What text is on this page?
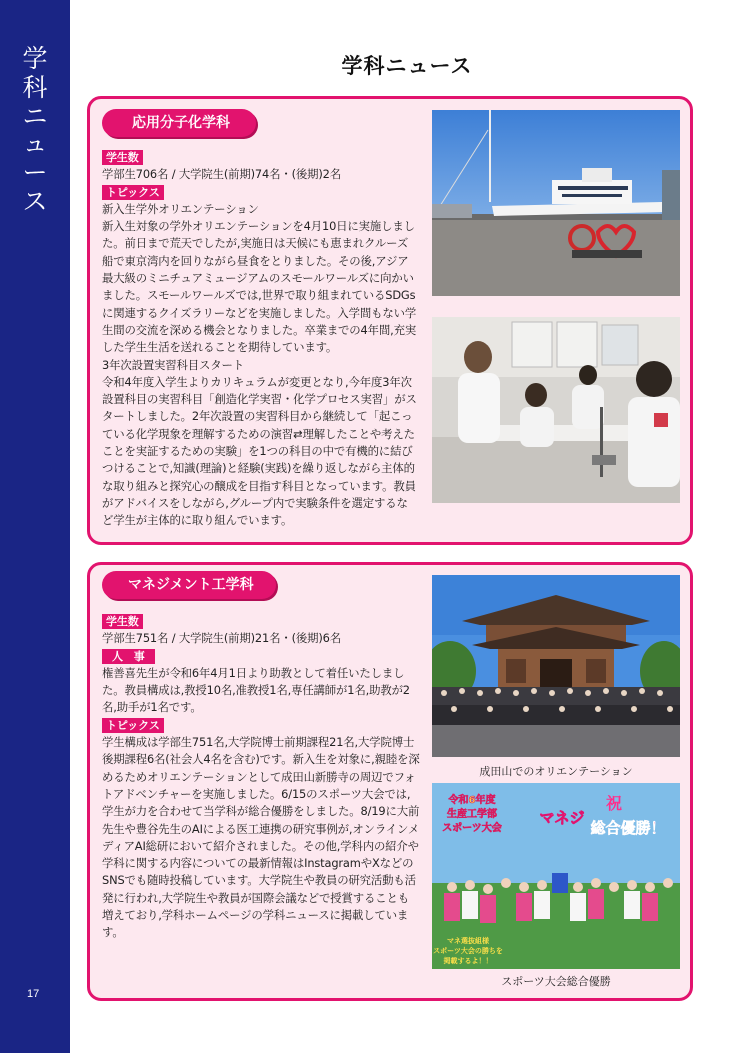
学
科
ニ
ュ
ー
ス
17
学科ニュース
応用分子化学科
学生数
学部生706名 / 大学院生(前期)74名・(後期)2名
トピックス
新入生学外オリエンテーション
新入生対象の学外オリエンテーションを4月10日に実施しました。前日まで荒天でしたが,実施日は天候にも恵まれクルーズ船で東京湾内を回りながら昼食をとりました。その後,アジア最大級のミニチュアミュージアムのスモールワールズに向かいました。スモールワールズでは,世界で取り組まれているSDGsに関連するクイズラリーなどを実施しました。入学間もない学生間の交流を深める機会となりました。卒業までの4年間,充実した学生生活を送れることを期待しています。
3年次設置実習科目スタート
令和4年度入学生よりカリキュラムが変更となり,今年度3年次設置科目の実習科目「創造化学実習・化学プロセス実習」がスタートしました。2年次設置の実習科目から継続して「起こっている化学現象を理解するための演習⇄理解したことや考えたことを実証するための実験」を1つの科目の中で有機的に結びつけることで,知識(理論)と経験(実践)を繰り返しながら主体的な取り組みと探究心の醸成を目指す科目となっています。教員がアドバイスをしながら,グループ内で実験条件を選定するなど学生が主体的に取り組んでいます。
マネジメント工学科
学生数
学部生751名 / 大学院生(前期)21名・(後期)6名
人　事
権善喜先生が令和6年4月1日より助教として着任いたしました。教員構成は,教授10名,准教授1名,専任講師が1名,助教が2名,助手が1名です。
トピックス
学生構成は学部生751名,大学院博士前期課程21名,大学院博士後期課程6名(社会人4名を含む)です。新入生を対象に,親睦を深めるためオリエンテーションとして成田山新勝寺の周辺でフォトアドベンチャーを実施しました。6/15のスポーツ大会では,学生が力を合わせて当学科が総合優勝をしました。8/19に大前先生や豊谷先生のAIによる医工連携の研究事例が,オンラインメディアAI総研において紹介されました。その他,学科内の紹介や学科に関する内容についての最新情報はInstagramやXなどのSNSでも随時投稿しています。大学院生や教員の研究活動も活発に行われ,大学院生や教員が国際会議などで授賞することも増えており,学科ホームページの学科ニュースに掲載しています。
成田山でのオリエンテーション
令和6年度
生産工学部
スポーツ大会
マネジ
祝
総合優勝！
マネ選抜組様
スポーツ大会の勝ちを
掲載するよ！！
スポーツ大会総合優勝
